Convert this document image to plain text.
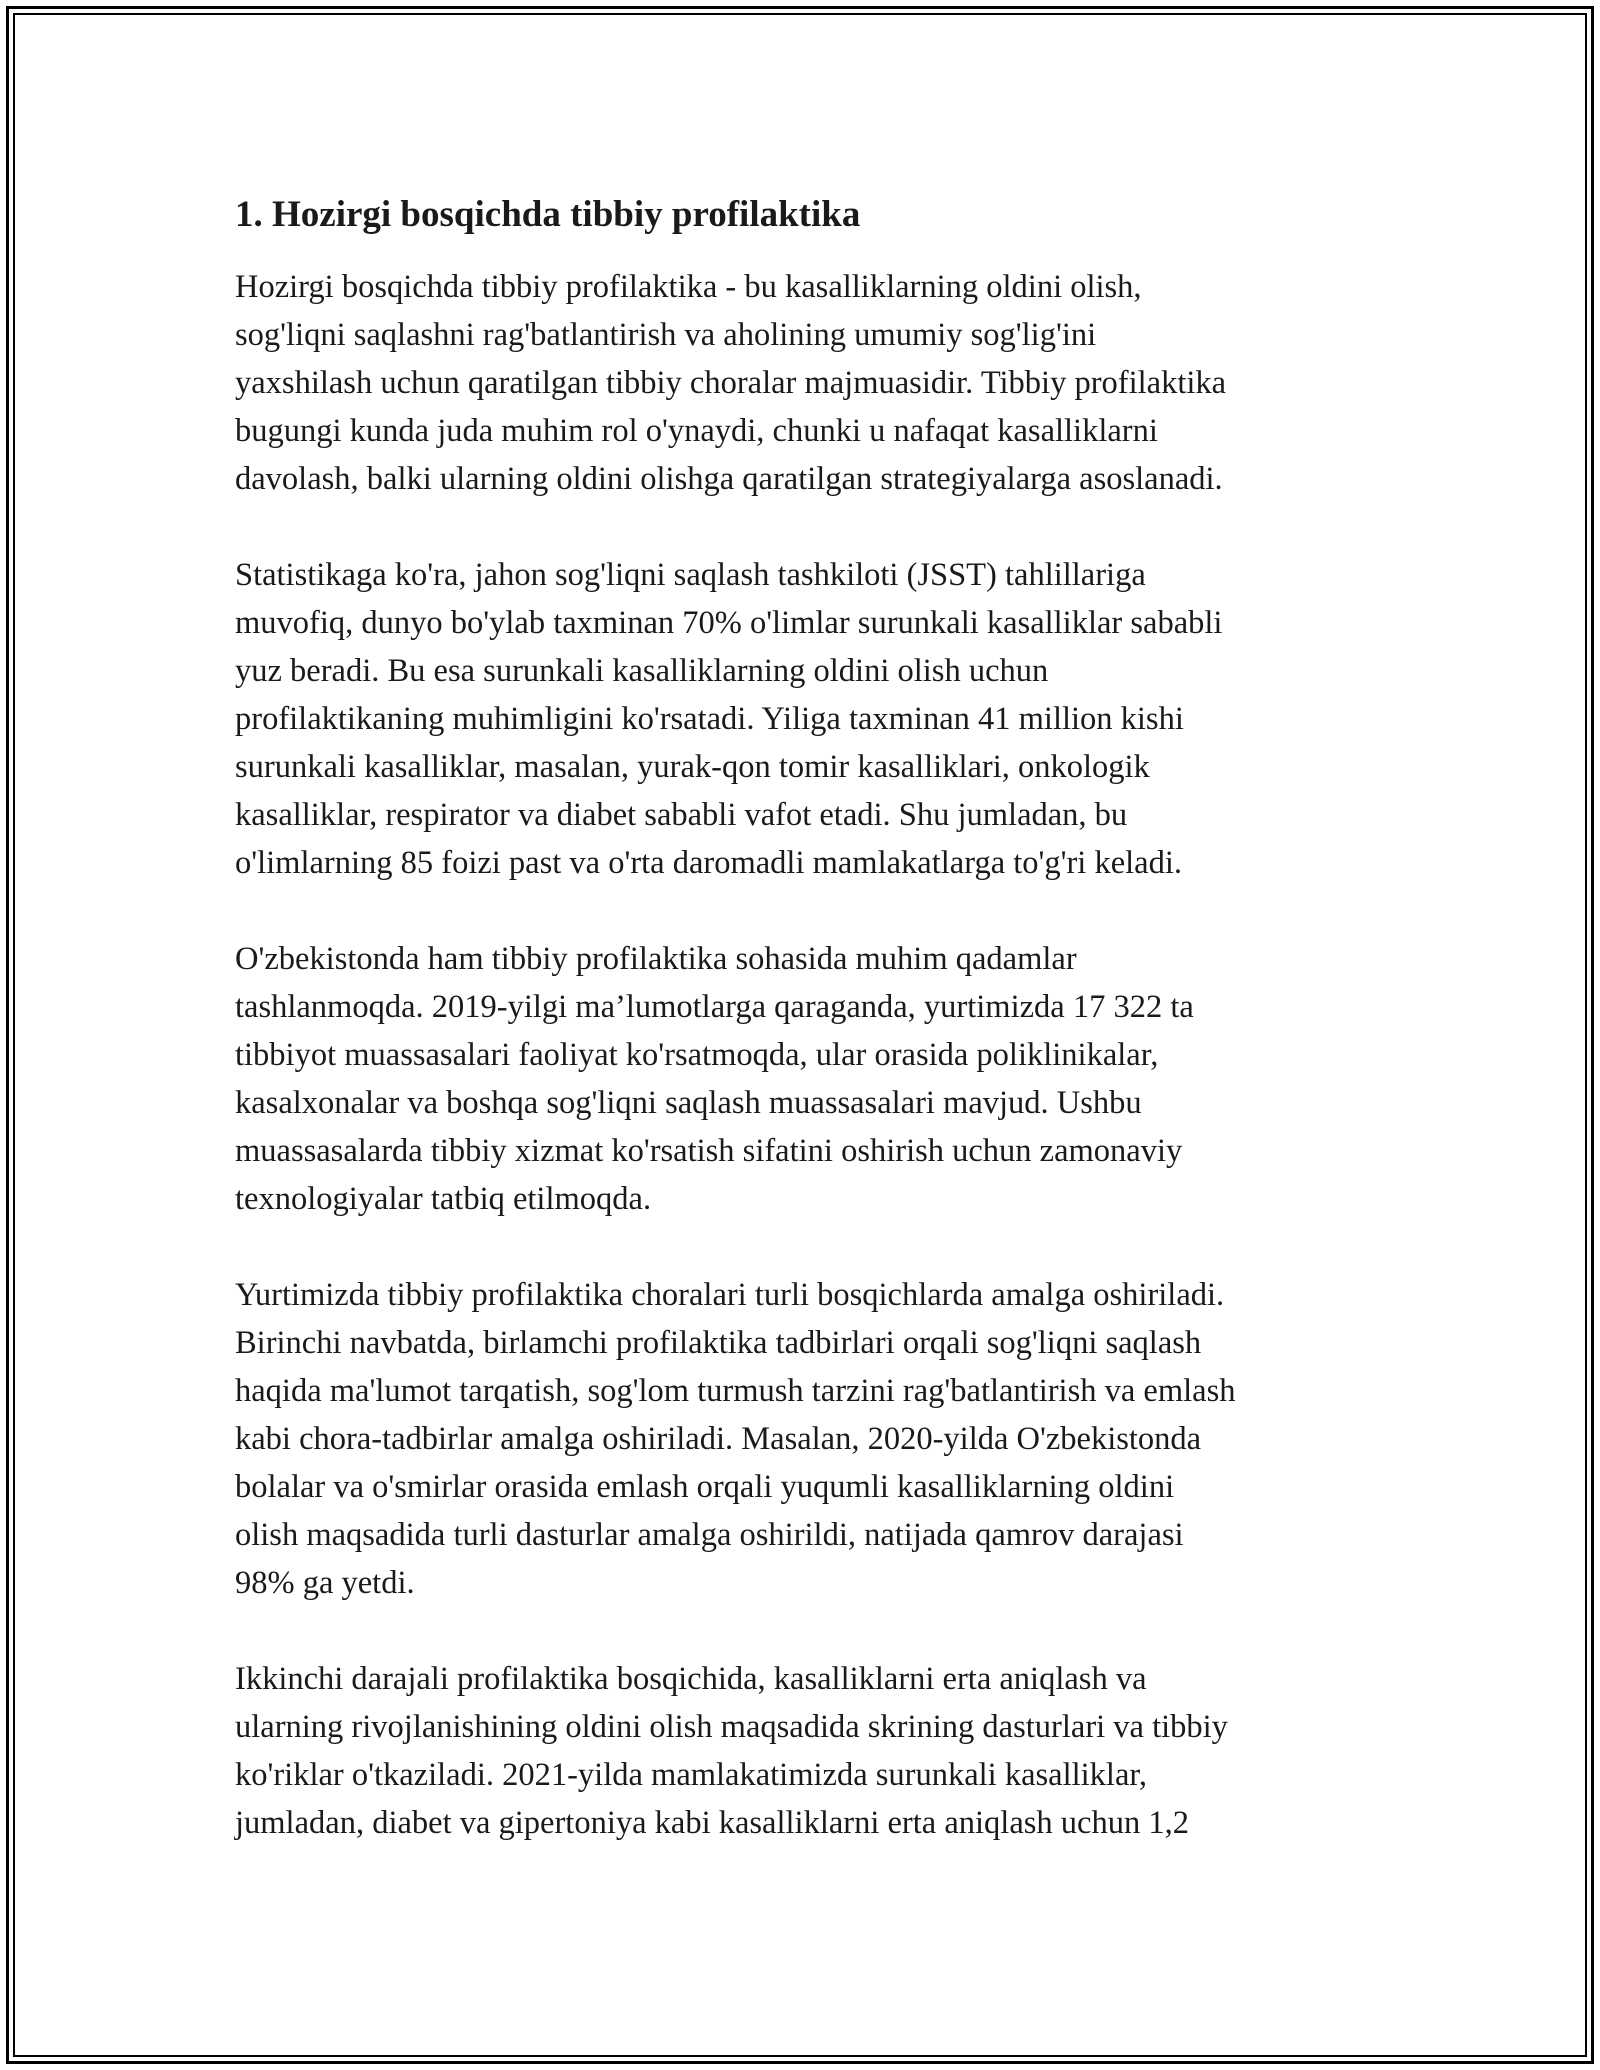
1. Hozirgi bosqichda tibbiy profilaktika

Hozirgi bosqichda tibbiy profilaktika - bu kasalliklarning oldini olish,
sog'liqni saqlashni rag'batlantirish va aholining umumiy sog'lig'ini
yaxshilash uchun qaratilgan tibbiy choralar majmuasidir. Tibbiy profilaktika
bugungi kunda juda muhim rol o'ynaydi, chunki u nafaqat kasalliklarni
davolash, balki ularning oldini olishga qaratilgan strategiyalarga asoslanadi.

Statistikaga ko'ra, jahon sog'liqni saqlash tashkiloti (JSST) tahlillariga
muvofiq, dunyo bo'ylab taxminan 70% o'limlar surunkali kasalliklar sababli
yuz beradi. Bu esa surunkali kasalliklarning oldini olish uchun
profilaktikaning muhimligini ko'rsatadi. Yiliga taxminan 41 million kishi
surunkali kasalliklar, masalan, yurak-qon tomir kasalliklari, onkologik
kasalliklar, respirator va diabet sababli vafot etadi. Shu jumladan, bu
o'limlarning 85 foizi past va o'rta daromadli mamlakatlarga to'g'ri keladi.

O'zbekistonda ham tibbiy profilaktika sohasida muhim qadamlar
tashlanmoqda. 2019-yilgi ma’lumotlarga qaraganda, yurtimizda 17 322 ta
tibbiyot muassasalari faoliyat ko'rsatmoqda, ular orasida poliklinikalar,
kasalxonalar va boshqa sog'liqni saqlash muassasalari mavjud. Ushbu
muassasalarda tibbiy xizmat ko'rsatish sifatini oshirish uchun zamonaviy
texnologiyalar tatbiq etilmoqda.

Yurtimizda tibbiy profilaktika choralari turli bosqichlarda amalga oshiriladi.
Birinchi navbatda, birlamchi profilaktika tadbirlari orqali sog'liqni saqlash
haqida ma'lumot tarqatish, sog'lom turmush tarzini rag'batlantirish va emlash
kabi chora-tadbirlar amalga oshiriladi. Masalan, 2020-yilda O'zbekistonda
bolalar va o'smirlar orasida emlash orqali yuqumli kasalliklarning oldini
olish maqsadida turli dasturlar amalga oshirildi, natijada qamrov darajasi
98% ga yetdi.

Ikkinchi darajali profilaktika bosqichida, kasalliklarni erta aniqlash va
ularning rivojlanishining oldini olish maqsadida skrining dasturlari va tibbiy
ko'riklar o'tkaziladi. 2021-yilda mamlakatimizda surunkali kasalliklar,
jumladan, diabet va gipertoniya kabi kasalliklarni erta aniqlash uchun 1,2
